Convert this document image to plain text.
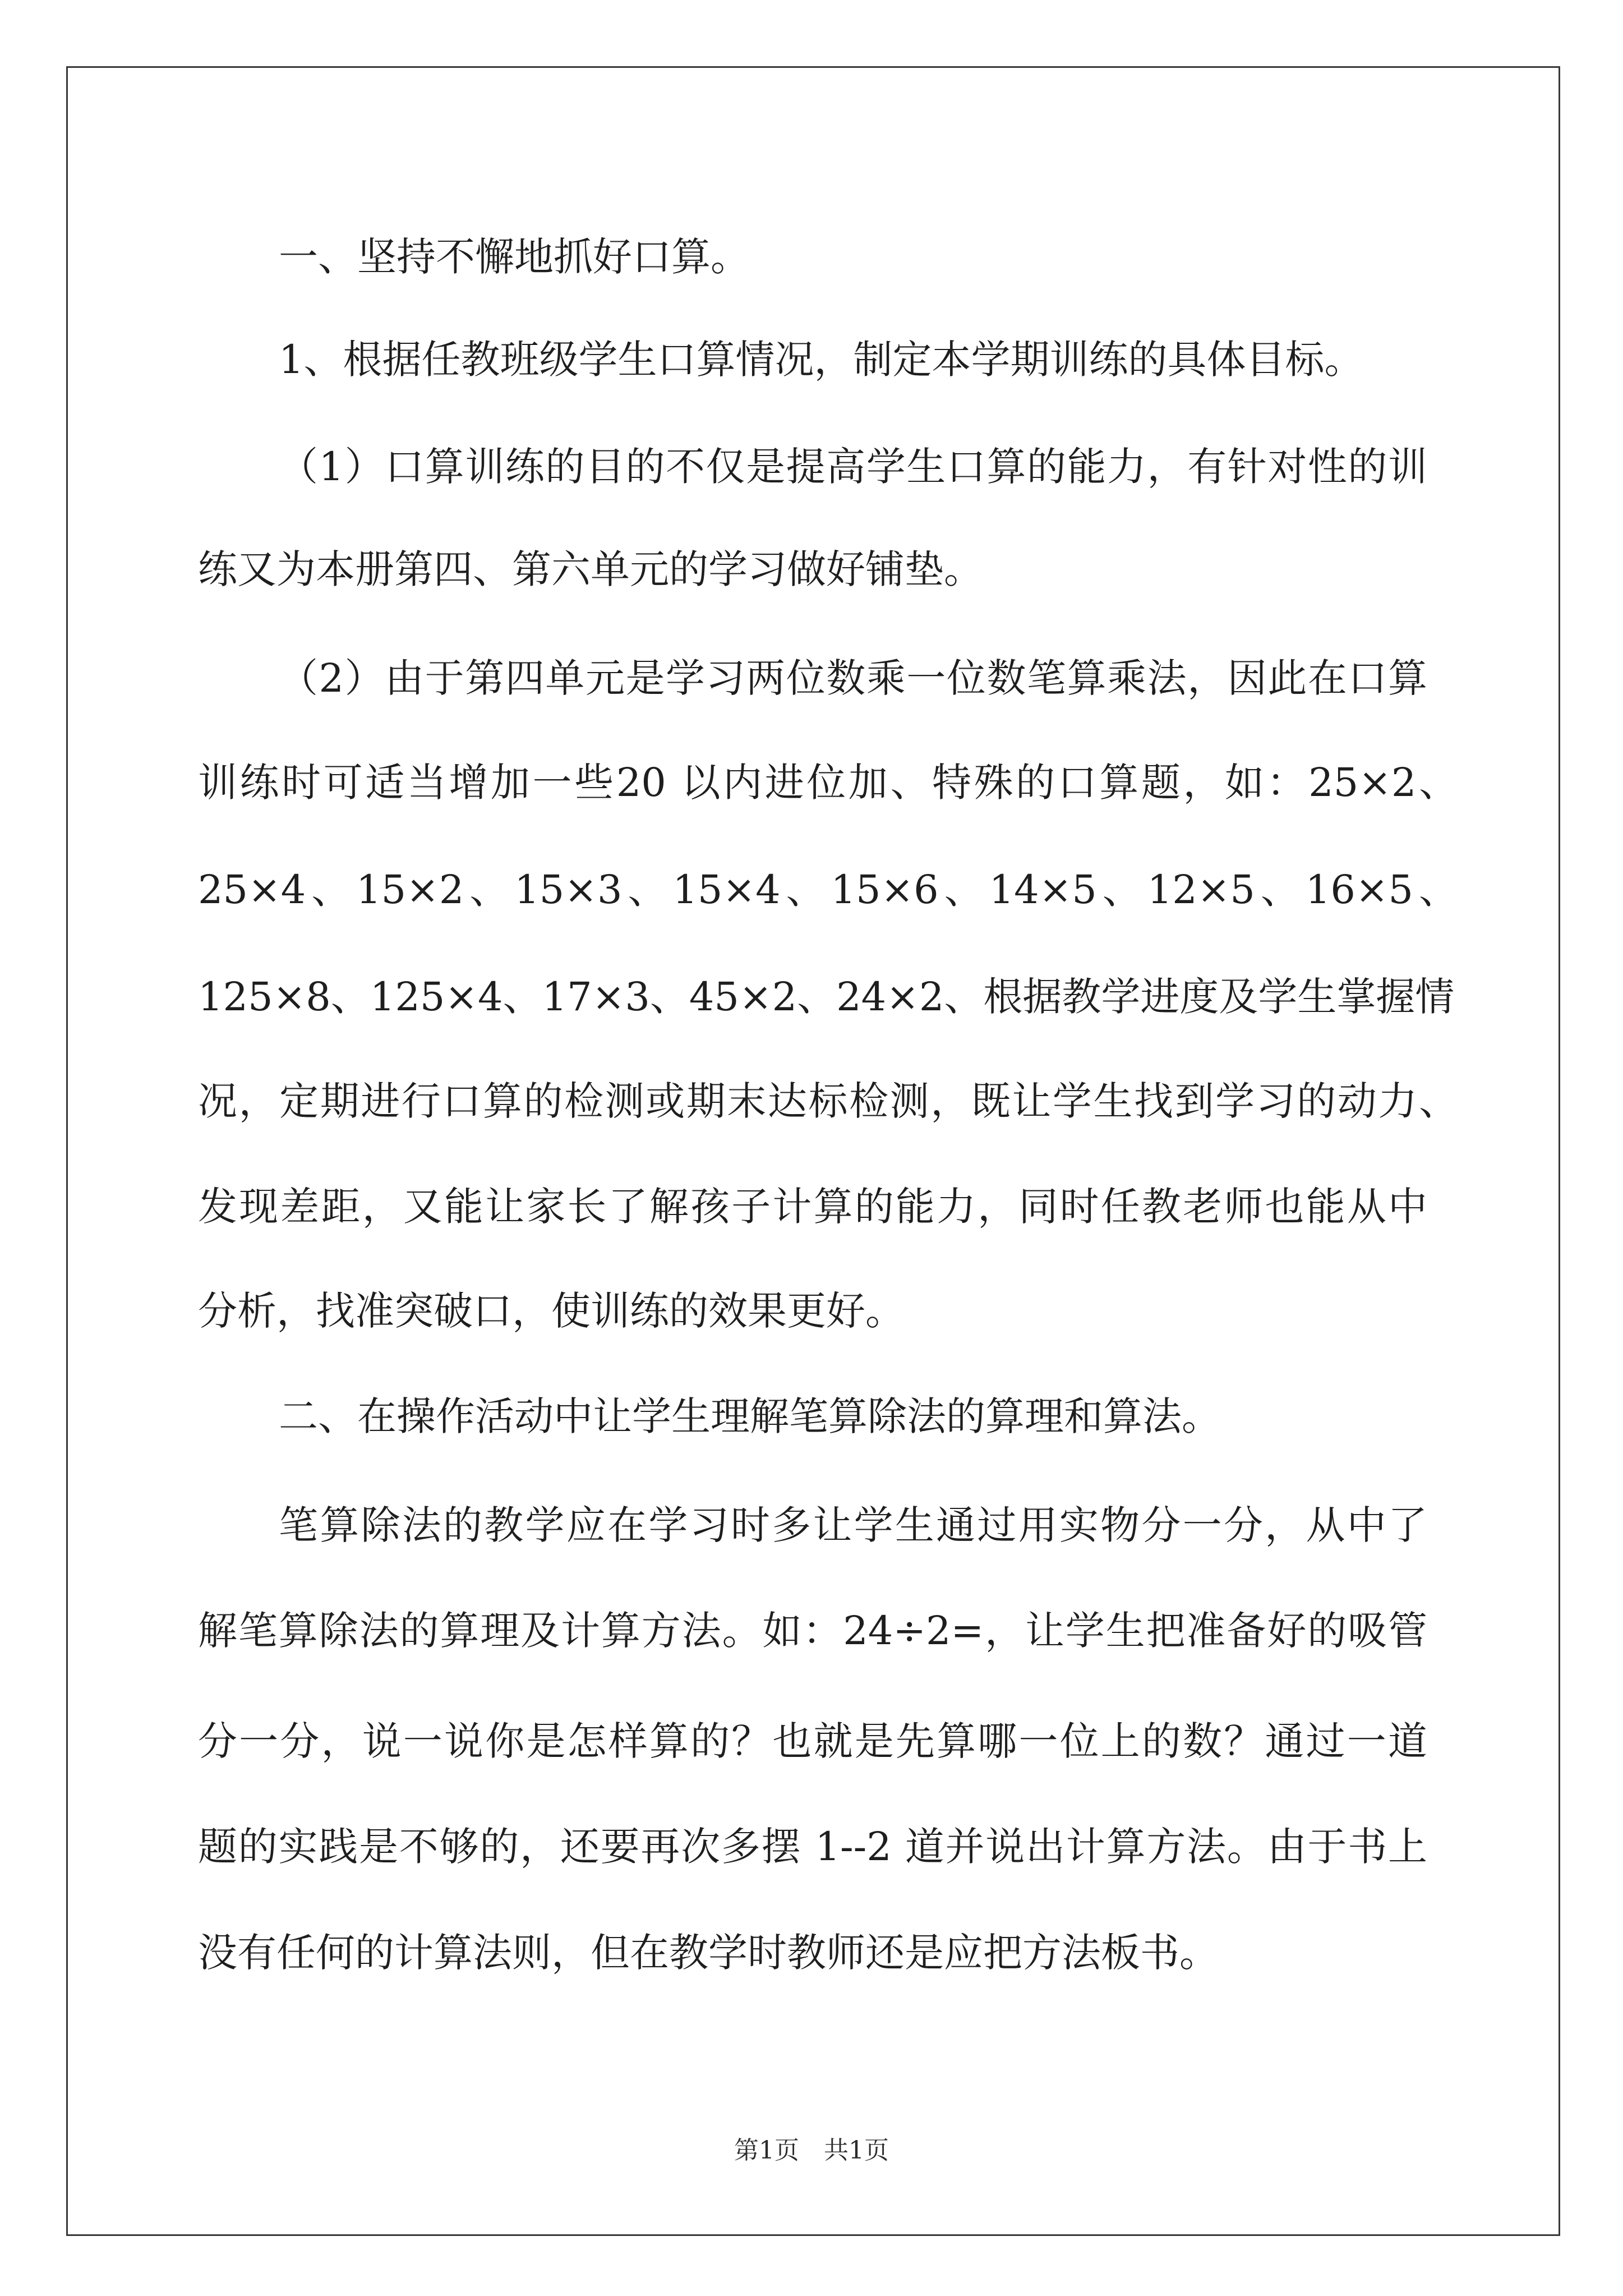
一、坚持不懈地抓好口算。
1、根据任教班级学生口算情况，制定本学期训练的具体目标。
（1）口算训练的目的不仅是提高学生口算的能力，有针对性的训
练又为本册第四、第六单元的学习做好铺垫。
（2）由于第四单元是学习两位数乘一位数笔算乘法，因此在口算
训练时可适当增加一些20 以内进位加、特殊的口算题，如：25×2、
25×4、15×2、15×3、15×4、15×6、14×5、12×5、16×5、
125×8、125×4、17×3、45×2、24×2、根据教学进度及学生掌握情
况，定期进行口算的检测或期末达标检测，既让学生找到学习的动力、
发现差距，又能让家长了解孩子计算的能力，同时任教老师也能从中
分析，找准突破口，使训练的效果更好。
二、在操作活动中让学生理解笔算除法的算理和算法。
笔算除法的教学应在学习时多让学生通过用实物分一分，从中了
解笔算除法的算理及计算方法。如：24÷2=，让学生把准备好的吸管
分一分，说一说你是怎样算的？也就是先算哪一位上的数？通过一道
题的实践是不够的，还要再次多摆 1--2 道并说出计算方法。由于书上
没有任何的计算法则，但在教学时教师还是应把方法板书。
第1页　共1页
